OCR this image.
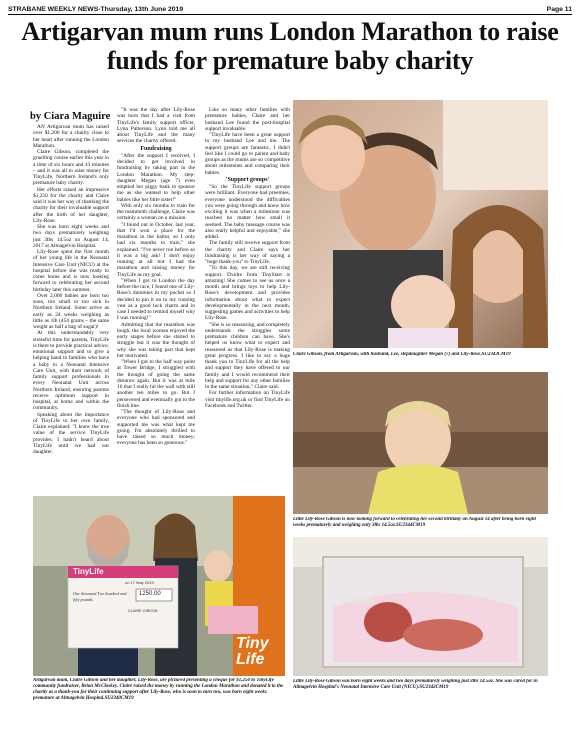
STRABANE WEEKLY NEWS-Thursday, 13th June 2019	Page 11
Artigarvan mum runs London Marathon to raise funds for premature baby charity
by Ciara Maguire

AN Artigarvan mum has raised over $1,200 for a charity close to her heart after running the London Marathon.

Claire Gibson, completed the gruelling course earlier this year in a time of six hours and 43 minutes – and it was all to raise money for TinyLife, Northern Ireland's only premature baby charity.

Her efforts raised an impressive $1,250 for the charity and Claire said it was her way of thanking the charity for their invaluable support after the birth of her daughter, Lily-Rose.

She was born eight weeks and two days prematurely weighing just 3lbs 14.5oz on August 14, 2017 at Altnagelvin Hospital.

Lily-Rose spent the first month of her young life in the Neonatal Intensive Care Unit (NICU) at the hospital before she was ready to come home and is now looking forward to celebrating her second birthday later this summer.

Over 2,000 babies are born too soon, too small or too sick in Northern Ireland. Some arrive as early as 24 weeks weighing as little as 1lb (454 grams – the same weight as half a bag of sugar)!

At this understandably very stressful time for parents, TinyLife is there to provide practical advice, emotional support and to give a helping hand to families who have a baby in a Neonatal Intensive Care Unit, with their network of family support professionals in every Neonatal Unit across Northern Ireland, ensuring parents receive optimum support in hospital, at home and within the community.

Speaking about the importance of TinyLife to her own family, Claire explained: "I knew the true value of the service TinyLife provides. I hadn't heard about TinyLife until we had our daughter.

"It was the day after Lily-Rose was born that I had a visit from TinyLife's family support officer, Lynn Patterson. Lynn told me all about TinyLife and the many services the charity offered.

Fundraising

"After the support I received, I decided to get involved in fundraising by taking part in the London Marathon. My step-daughter Megan (age 7) even emptied her piggy bank to sponsor me as she wanted to help other babies like her little sister!"

With only six months to train for the mammoth challenge, Claire was certainly a woman on a mission.

"I found out in October, last year, that I'd won a place for the marathon in the ballot, so I only had six months to train," she explained. "I've never run before so it was a big ask! I don't enjoy running at all but I had the marathon and raising money for TinyLife as my goal.

"When I got to London the day before the race, I found one of Lily-Rose's dummies in my pocket so I decided to pin it on to my running vest as a good luck charm and in case I needed to remind myself why I was running!"

Admitting that the marathon was tough, the local woman enjoyed the early stages before she started to struggle but it was the thought of why she was taking part that kept her motivated.

"When I got to the half way point at Tower Bridge, I struggled with the thought of going the same distance again. But it was at mile 16 that I really hit the wall with still another ten miles to go. But I persevered and eventually got to the finish line.

"The thought of Lily-Rose and everyone who had sponsored and supported me was what kept me going. I'm absolutely thrilled to have raised so much money; everyone has been so generous."

Like so many other families with premature babies, Claire and her husband Lee found the post-hospital support invaluable.

"TinyLife have been a great support to my husband Lee and me. The support groups are fantastic, I didn't feel like I could go to parent and baby groups as the mums are so competitive about milestones and comparing their babies.

'Support groups'

"So the TinyLife support groups were brilliant. Everyone had preemies, everyone understood the difficulties you were going through and knew how exciting it was when a milestone was reached no matter how small it seemed. The baby massage course was also really helpful and enjoyable," she added.

The family still receive support from the charity and Claire says her fundraising is her way of saying a "huge thank-you" to TinyLife.

"To this day, we are still receiving support. Dxidre from TinyStart is amazing! She comes to see us once a month and brings toys to help Lily-Rose's development and provides information about what to expect developmentally in the next month, suggesting games and activities to help Lily-Rose.

"She is so reassuring, and completely understands the struggles some premature children can have. She's helped us know what to expect and reassured us that Lily-Rose is making great progress. I like to say a huge thank you to TinyLife for all the help and support they have offered to our family and I would recommend their help and support for any other families in the same situation," Claire said.

For further information on TinyLife visit tinylife.org.uk or find TinyLife on Facebook and Twitter.

Claire Gibson, from Artigarvan, with husband, Lee, stepdaughter Megan (7) and Lily-Rose.SU2343CM19
Little Lily-Rose Gibson is now looking forward to celebrating her second birthday on August 14 after being born eight weeks prematurely and weighing only 3lbs 14.5oz.SU2344CM19
TinyLife
on 17 May 2019
One thousand Two hundred and fifty pounds
1250.00
CLAIRE GIBSON
Tiny Life
Artigarvan mum, Claire Gibson and her daughter, Lily-Rose, are pictured presenting a cheque for $1,250 to TinyLife community fundraiser, Brian McCloskey. Claire raised the money by running the London Marathon and donated it to the charity as a thank-you for their continuing support after Lily-Rose, who is soon to turn two, was born eight weeks premature at Altnagelvin Hospital.SU2340CM19
Little Lily-Rose Gibson was born eight weeks and two days prematurely weighing just 3lbs 14.5oz. She was cared for in Altnagelvin Hospital's Neonatal Intensive Care Unit (NICU).SU2342CM19
